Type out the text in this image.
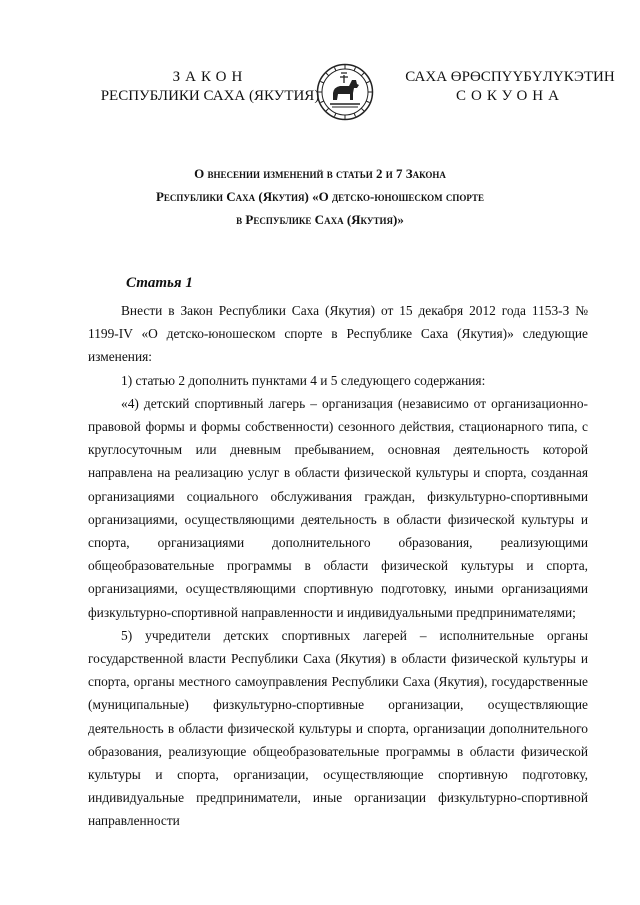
ЗАКОН
РЕСПУБЛИКИ САХА (ЯКУТИЯ)
САХА ӨРӨСПҮҮБҮЛҮКЭТИН
СОКУОНА
О внесении изменений в статьи 2 и 7 Закона
Республики Саха (Якутия) «О детско-юношеском спорте
в Республике Саха (Якутия)»
Статья 1

Внести в Закон Республики Саха (Якутия) от 15 декабря 2012 года 1153-З № 1199-IV «О детско-юношеском спорте в Республике Саха (Якутия)» следующие изменения:

1) статью 2 дополнить пунктами 4 и 5 следующего содержания:

«4) детский спортивный лагерь – организация (независимо от организационно-правовой формы и формы собственности) сезонного действия, стационарного типа, с круглосуточным или дневным пребыванием, основная деятельность которой направлена на реализацию услуг в области физической культуры и спорта, созданная организациями социального обслуживания граждан, физкультурно-спортивными организациями, осуществляющими деятельность в области физической культуры и спорта, организациями дополнительного образования, реализующими общеобразовательные программы в области физической культуры и спорта, организациями, осуществляющими спортивную подготовку, иными организациями физкультурно-спортивной направленности и индивидуальными предпринимателями;

5) учредители детских спортивных лагерей – исполнительные органы государственной власти Республики Саха (Якутия) в области физической культуры и спорта, органы местного самоуправления Республики Саха (Якутия), государственные (муниципальные) физкультурно-спортивные организации, осуществляющие деятельность в области физической культуры и спорта, организации дополнительного образования, реализующие общеобразовательные программы в области физической культуры и спорта, организации, осуществляющие спортивную подготовку, индивидуальные предприниматели, иные организации физкультурно-спортивной направленности
